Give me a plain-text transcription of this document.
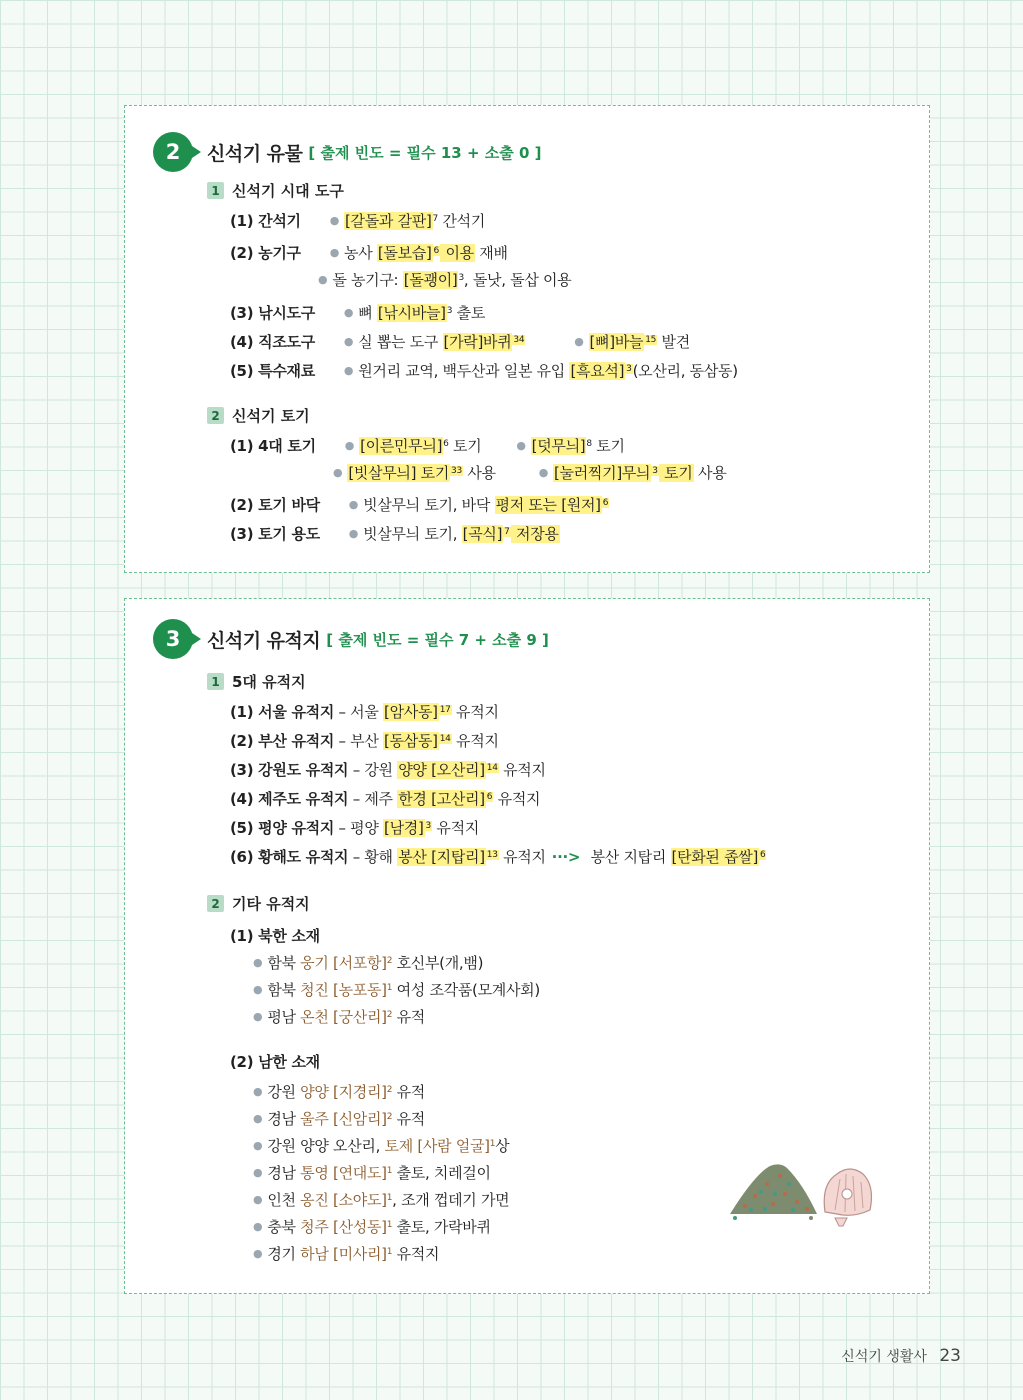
2	신석기 유물 [ 출제 빈도 = 필수 13 + 소출 0 ]
1 신석기 시대 도구
(1) 간석기	● [갈돌과 갈판]$^7$ 간석기
(2) 농기구	● 농사 [돌보습] $^6$ 이용 재배
● 돌 농기구: [돌괭이]$^3$, 돌낫, 돌삽 이용
(3) 낚시도구	● 뼈 [낚시바늘]$^3$ 출토
(4) 직조도구	● 실 뽑는 도구 [가락]바퀴 $^{34}$	● [뼈]바늘 $^{15}$ 발견
(5) 특수재료	● 원거리 교역, 백두산과 일본 유입 [흑요석] $^3$(오산리, 동삼동)
2 신석기 토기
(1) 4대 토기	● [이른민무늬]$^6$ 토기	● [덧무늬]$^8$ 토기
● [빗살무늬] 토기 $^{33}$ 사용	● [눌러찍기]무늬 $^3$ 토기 사용
(2) 토기 바닥	● 빗살무늬 토기, 바닥 평저 또는 [원저] $^6$
(3) 토기 용도	● 빗살무늬 토기, [곡식] $^7$ 저장용
3	신석기 유적지 [ 출제 빈도 = 필수 7 + 소출 9 ]
1 5대 유적지
(1) 서울 유적지 – 서울 [암사동] $^{17}$ 유적지
(2) 부산 유적지 – 부산 [동삼동] $^{14}$ 유적지
(3) 강원도 유적지 – 강원 양양 [오산리] $^{14}$ 유적지
(4) 제주도 유적지 – 제주 한경 [고산리] $^6$ 유적지
(5) 평양 유적지 – 평양 [남경] $^3$ 유적지
(6) 황해도 유적지 – 황해 봉산 [지탑리] $^{13}$ 유적지 ···> 봉산 지탑리 [탄화된 좁쌀] $^6$
2 기타 유적지
(1) 북한 소재
● 함북 웅기 [서포항]$^2$ 호신부(개,뱀)
● 함북 청진 [농포동]$^1$ 여성 조각품(모계사회)
● 평남 온천 [궁산리]$^2$ 유적
(2) 남한 소재
● 강원 양양 [지경리]$^2$ 유적
● 경남 울주 [신암리]$^2$ 유적
● 강원 양양 오산리, 토제 [사람 얼굴]$^1$상
● 경남 통영 [연대도]$^1$ 출토, 치레걸이
● 인천 옹진 [소야도]$^1$, 조개 껍데기 가면
● 충북 청주 [산성동]$^1$ 출토, 가락바퀴
● 경기 하남 [미사리]$^1$ 유적지
신석기 생활사 23
